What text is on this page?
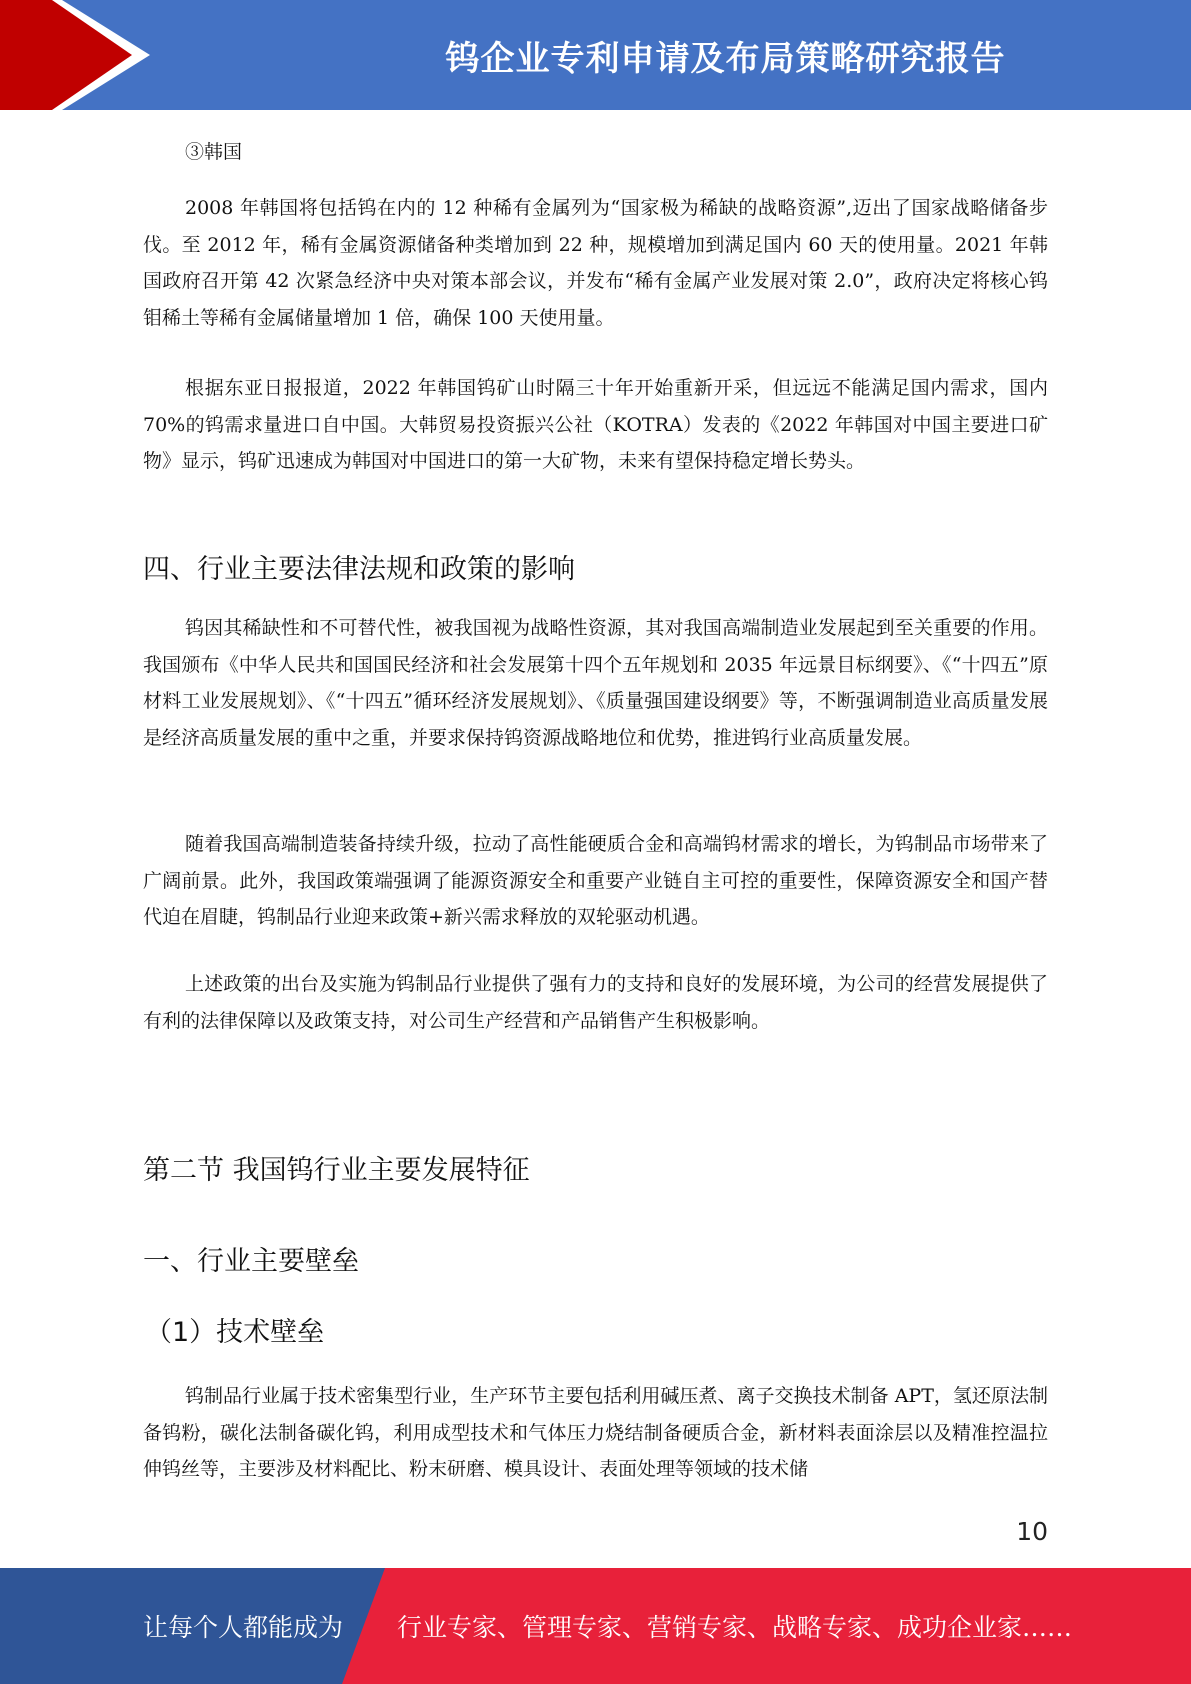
钨企业专利申请及布局策略研究报告
③韩国

2008 年韩国将包括钨在内的 12 种稀有金属列为“国家极为稀缺的战略资源”,迈出了国家战略储备步伐。至 2012 年，稀有金属资源储备种类增加到 22 种，规模增加到满足国内 60 天的使用量。2021 年韩国政府召开第 42 次紧急经济中央对策本部会议，并发布“稀有金属产业发展对策 2.0”，政府决定将核心钨钼稀土等稀有金属储量增加 1 倍，确保 100 天使用量。

根据东亚日报报道，2022 年韩国钨矿山时隔三十年开始重新开采，但远远不能满足国内需求，国内 70%的钨需求量进口自中国。大韩贸易投资振兴公社（KOTRA）发表的《2022 年韩国对中国主要进口矿物》显示，钨矿迅速成为韩国对中国进口的第一大矿物，未来有望保持稳定增长势头。

四、行业主要法律法规和政策的影响

钨因其稀缺性和不可替代性，被我国视为战略性资源，其对我国高端制造业发展起到至关重要的作用。我国颁布《中华人民共和国国民经济和社会发展第十四个五年规划和 2035 年远景目标纲要》、《“十四五”原材料工业发展规划》、《“十四五”循环经济发展规划》、《质量强国建设纲要》等，不断强调制造业高质量发展是经济高质量发展的重中之重，并要求保持钨资源战略地位和优势，推进钨行业高质量发展。

随着我国高端制造装备持续升级，拉动了高性能硬质合金和高端钨材需求的增长，为钨制品市场带来了广阔前景。此外，我国政策端强调了能源资源安全和重要产业链自主可控的重要性，保障资源安全和国产替代迫在眉睫，钨制品行业迎来政策+新兴需求释放的双轮驱动机遇。

上述政策的出台及实施为钨制品行业提供了强有力的支持和良好的发展环境，为公司的经营发展提供了有利的法律保障以及政策支持，对公司生产经营和产品销售产生积极影响。

第二节 我国钨行业主要发展特征
一、行业主要壁垒
（1）技术壁垒

钨制品行业属于技术密集型行业，生产环节主要包括利用碱压煮、离子交换技术制备 APT，氢还原法制备钨粉，碳化法制备碳化钨，利用成型技术和气体压力烧结制备硬质合金，新材料表面涂层以及精准控温拉伸钨丝等，主要涉及材料配比、粉末研磨、模具设计、表面处理等领域的技术储

10
让每个人都能成为 行业专家、管理专家、营销专家、战略专家、成功企业家……
